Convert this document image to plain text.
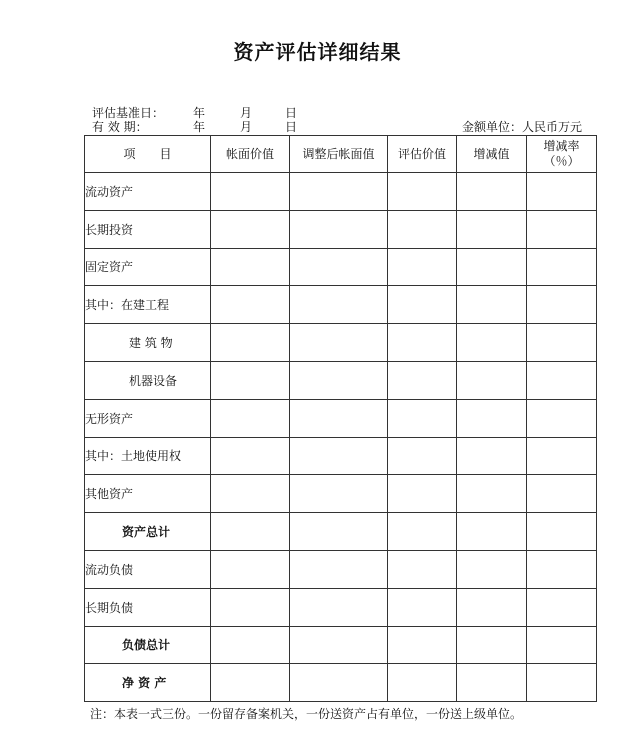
资产评估详细结果
评估基准日： 年	月	日
有 效 期：	年	月	日	金额单位：人民币万元
项　　目	帐面价值	调整后帐面值	评估价值	增减值	增减率
（％）

流动资产					
长期投资					
固定资产					
其中：在建工程					
建 筑 物					
机器设备					
无形资产					
其中：土地使用权					
其他资产					
资产总计					
流动负债					
长期负债					
负债总计					
净 资 产					
注：本表一式三份。一份留存备案机关，一份送资产占有单位，一份送上级单位。
